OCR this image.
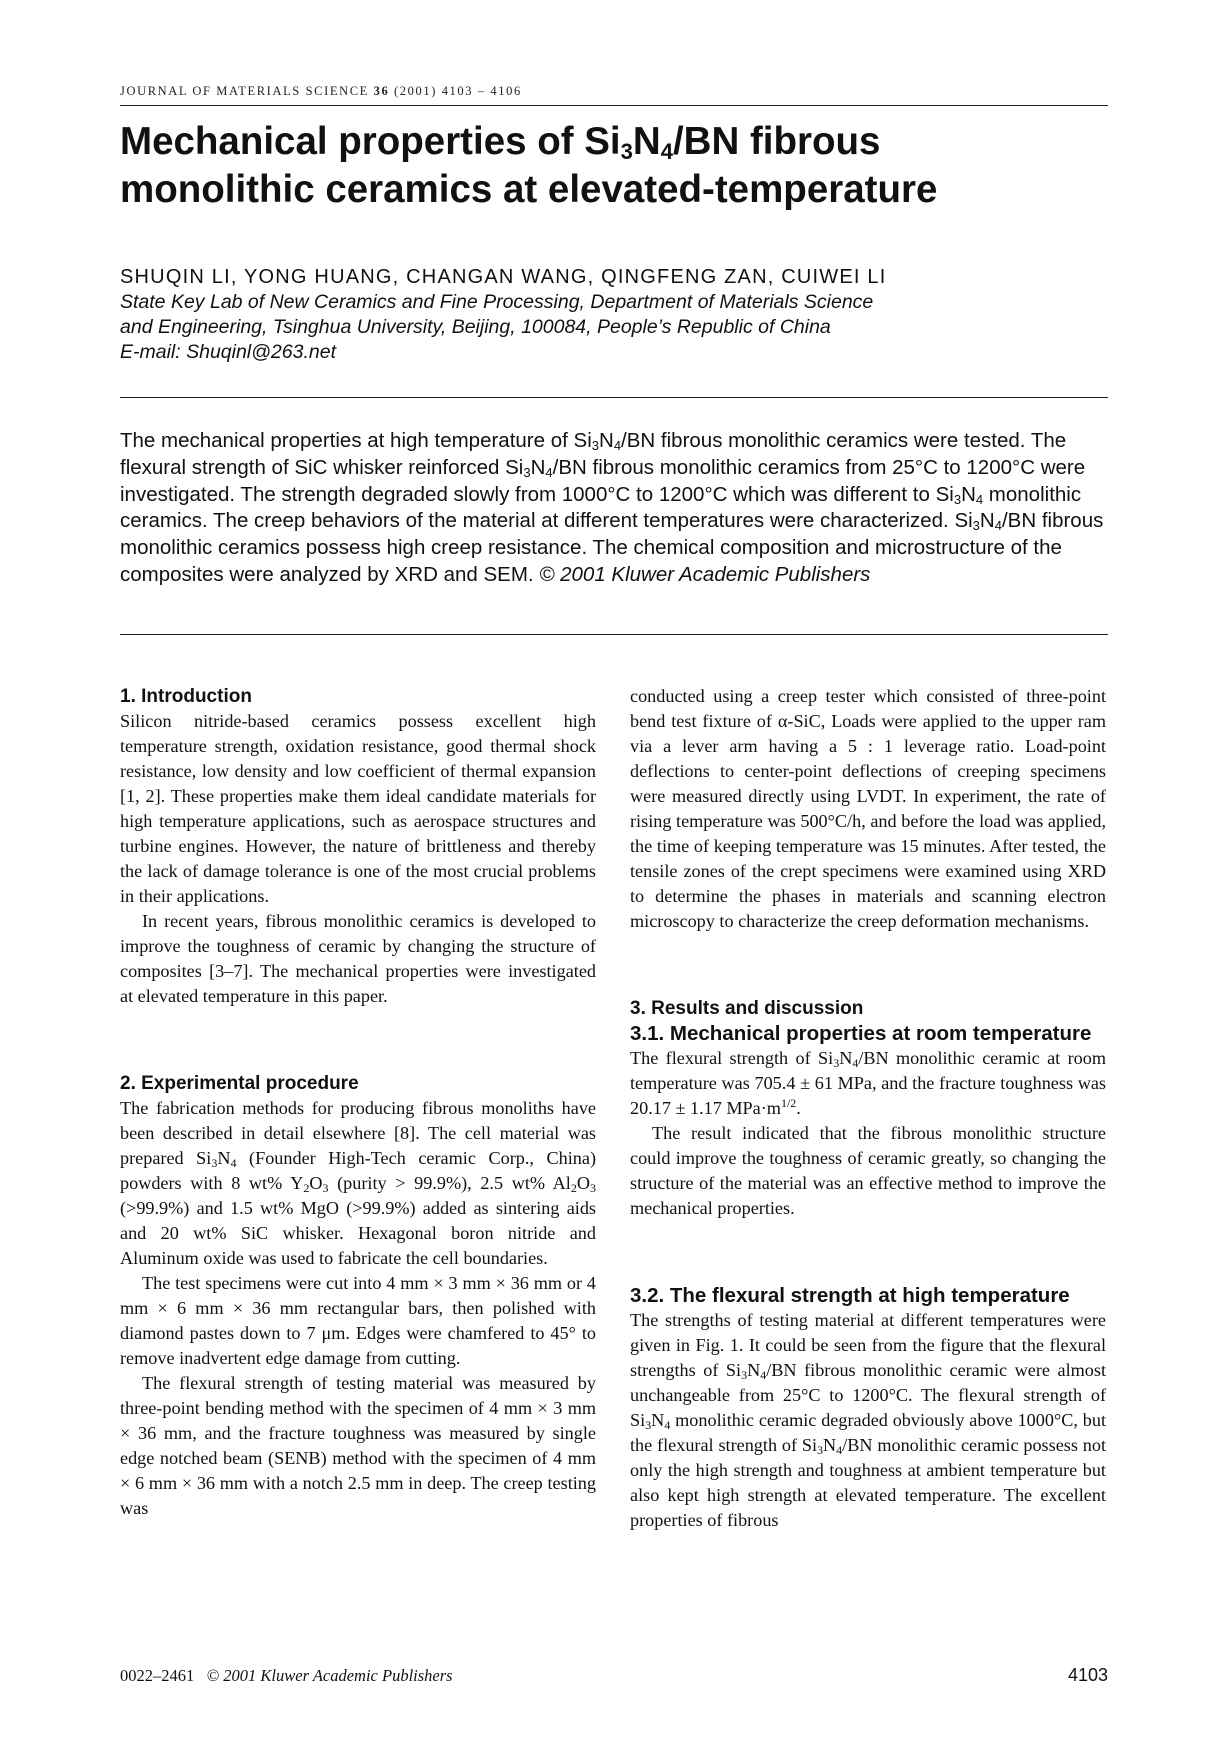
JOURNAL OF MATERIALS SCIENCE 36 (2001) 4103 – 4106
Mechanical properties of $Si_3N_4/BN$ fibrous
monolithic ceramics at elevated-temperature
SHUQIN LI, YONG HUANG, CHANGAN WANG, QINGFENG ZAN, CUIWEI LI
State Key Lab of New Ceramics and Fine Processing, Department of Materials Science
and Engineering, Tsinghua University, Beijing, 100084, People’s Republic of China
E-mail: Shuqinl@263.net
The mechanical properties at high temperature of $Si_3N_4/BN$ fibrous monolithic ceramics were tested. The flexural strength of SiC whisker reinforced $Si_3N_4/BN$ fibrous monolithic ceramics from 25°C to 1200°C were investigated. The strength degraded slowly from 1000°C to 1200°C which was different to $Si_3N_4$ monolithic ceramics. The creep behaviors of the material at different temperatures were characterized. $Si_3N_4/BN$ fibrous monolithic ceramics possess high creep resistance. The chemical composition and microstructure of the composites were analyzed by XRD and SEM. © 2001 Kluwer Academic Publishers
1. Introduction

Silicon nitride-based ceramics possess excellent high temperature strength, oxidation resistance, good thermal shock resistance, low density and low coefficient of thermal expansion [1, 2]. These properties make them ideal candidate materials for high temperature applications, such as aerospace structures and turbine engines. However, the nature of brittleness and thereby the lack of damage tolerance is one of the most crucial problems in their applications.

In recent years, fibrous monolithic ceramics is developed to improve the toughness of ceramic by changing the structure of composites [3–7]. The mechanical properties were investigated at elevated temperature in this paper.

2. Experimental procedure

The fabrication methods for producing fibrous monoliths have been described in detail elsewhere [8]. The cell material was prepared $Si_3N_4$ (Founder High-Tech ceramic Corp., China) powders with 8 wt% $Y_2O_3$ (purity > 99.9%), 2.5 wt% $Al_2O_3$ (>99.9%) and 1.5 wt% MgO (>99.9%) added as sintering aids and 20 wt% SiC whisker. Hexagonal boron nitride and Aluminum oxide was used to fabricate the cell boundaries.

The test specimens were cut into 4 mm × 3 mm × 36 mm or 4 mm × 6 mm × 36 mm rectangular bars, then polished with diamond pastes down to 7 μm. Edges were chamfered to 45° to remove inadvertent edge damage from cutting.

The flexural strength of testing material was measured by three-point bending method with the specimen of 4 mm × 3 mm × 36 mm, and the fracture toughness was measured by single edge notched beam (SENB) method with the specimen of 4 mm × 6 mm × 36 mm with a notch 2.5 mm in deep. The creep testing was

conducted using a creep tester which consisted of three-point bend test fixture of α-SiC, Loads were applied to the upper ram via a lever arm having a 5 : 1 leverage ratio. Load-point deflections to center-point deflections of creeping specimens were measured directly using LVDT. In experiment, the rate of rising temperature was 500°C/h, and before the load was applied, the time of keeping temperature was 15 minutes. After tested, the tensile zones of the crept specimens were examined using XRD to determine the phases in materials and scanning electron microscopy to characterize the creep deformation mechanisms.

3. Results and discussion
3.1. Mechanical properties at room temperature

The flexural strength of $Si_3N_4/BN$ monolithic ceramic at room temperature was 705.4 ± 61 MPa, and the fracture toughness was 20.17 ± 1.17 $MPa\cdot m^{1/2}$.

The result indicated that the fibrous monolithic structure could improve the toughness of ceramic greatly, so changing the structure of the material was an effective method to improve the mechanical properties.

3.2. The flexural strength at high temperature

The strengths of testing material at different temperatures were given in Fig. 1. It could be seen from the figure that the flexural strengths of $Si_3N_4/BN$ fibrous monolithic ceramic were almost unchangeable from 25°C to 1200°C. The flexural strength of $Si_3N_4$ monolithic ceramic degraded obviously above 1000°C, but the flexural strength of $Si_3N_4/BN$ monolithic ceramic possess not only the high strength and toughness at ambient temperature but also kept high strength at elevated temperature. The excellent properties of fibrous

0022–2461 © 2001 Kluwer Academic Publishers	4103
